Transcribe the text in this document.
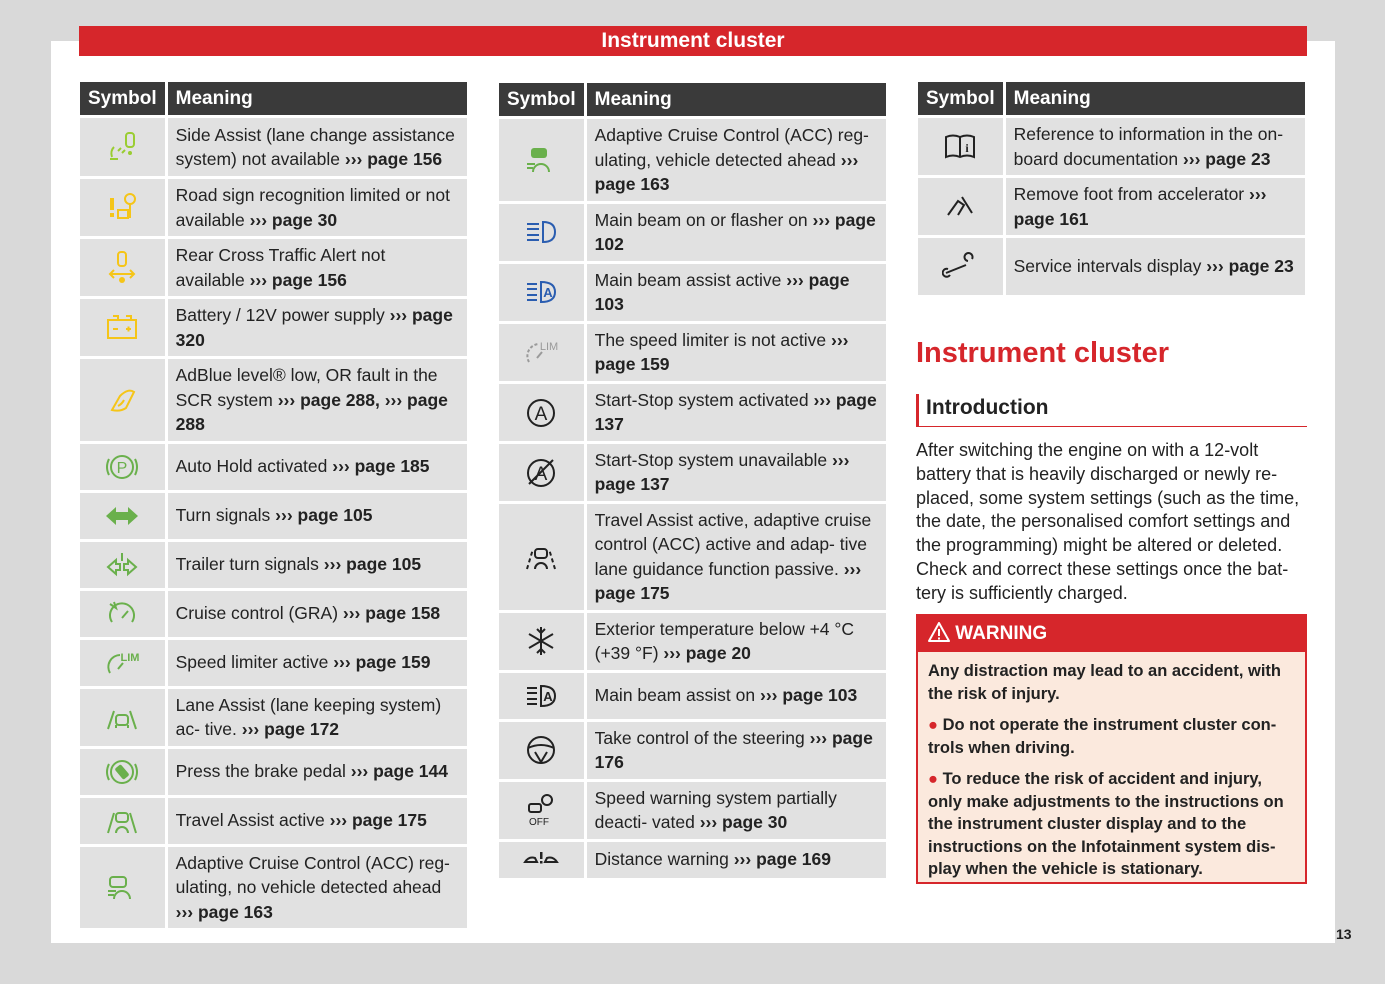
Instrument cluster
Symbol	Meaning
	Side Assist (lane change assistance system) not available ››› page 156
	Road sign recognition limited or not available ››› page 30
	Rear Cross Traffic Alert not available ››› page 156
	Battery / 12V power supply ››› page 320
	AdBlue level® low, OR fault in the SCR system ››› page 288, ››› page 288

P	Auto Hold activated ››› page 185
	Turn signals ››› page 105
	Trailer turn signals ››› page 105
	Cruise control (GRA) ››› page 158

LIM	Speed limiter active ››› page 159
	Lane Assist (lane keeping system) ac- tive. ››› page 172
	Press the brake pedal ››› page 144
	Travel Assist active ››› page 175
	Adaptive Cruise Control (ACC) reg- ulating, no vehicle detected ahead ››› page 163
Symbol	Meaning
	Adaptive Cruise Control (ACC) reg- ulating, vehicle detected ahead ››› page 163
	Main beam on or flasher on ››› page 102

A	Main beam assist active ››› page 103

LIM	The speed limiter is not active ››› page 159

A	Start-Stop system activated ››› page 137

A	Start-Stop system unavailable ››› page 137
	Travel Assist active, adaptive cruise control (ACC) active and adap- tive lane guidance function passive. ››› page 175
	Exterior temperature below +4 °C (+39 °F) ››› page 20

A	Main beam assist on ››› page 103
	Take control of the steering ››› page 176

OFF	Speed warning system partially deacti- vated ››› page 30
	Distance warning ››› page 169
Symbol	Meaning

i	Reference to information in the on- board documentation ››› page 23
	Remove foot from accelerator ››› page 161
	Service intervals display ››› page 23
Instrument cluster
Introduction

After switching the engine on with a 12-volt battery that is heavily discharged or newly re- placed, some system settings (such as the time, the date, the personalised comfort settings and the programming) might be altered or deleted. Check and correct these settings once the bat- tery is sufficiently charged.

WARNING

Any distraction may lead to an accident, with the risk of injury.

● Do not operate the instrument cluster con- trols when driving.

● To reduce the risk of accident and injury, only make adjustments to the instructions on the instrument cluster display and to the instructions on the Infotainment system dis- play when the vehicle is stationary.

13
